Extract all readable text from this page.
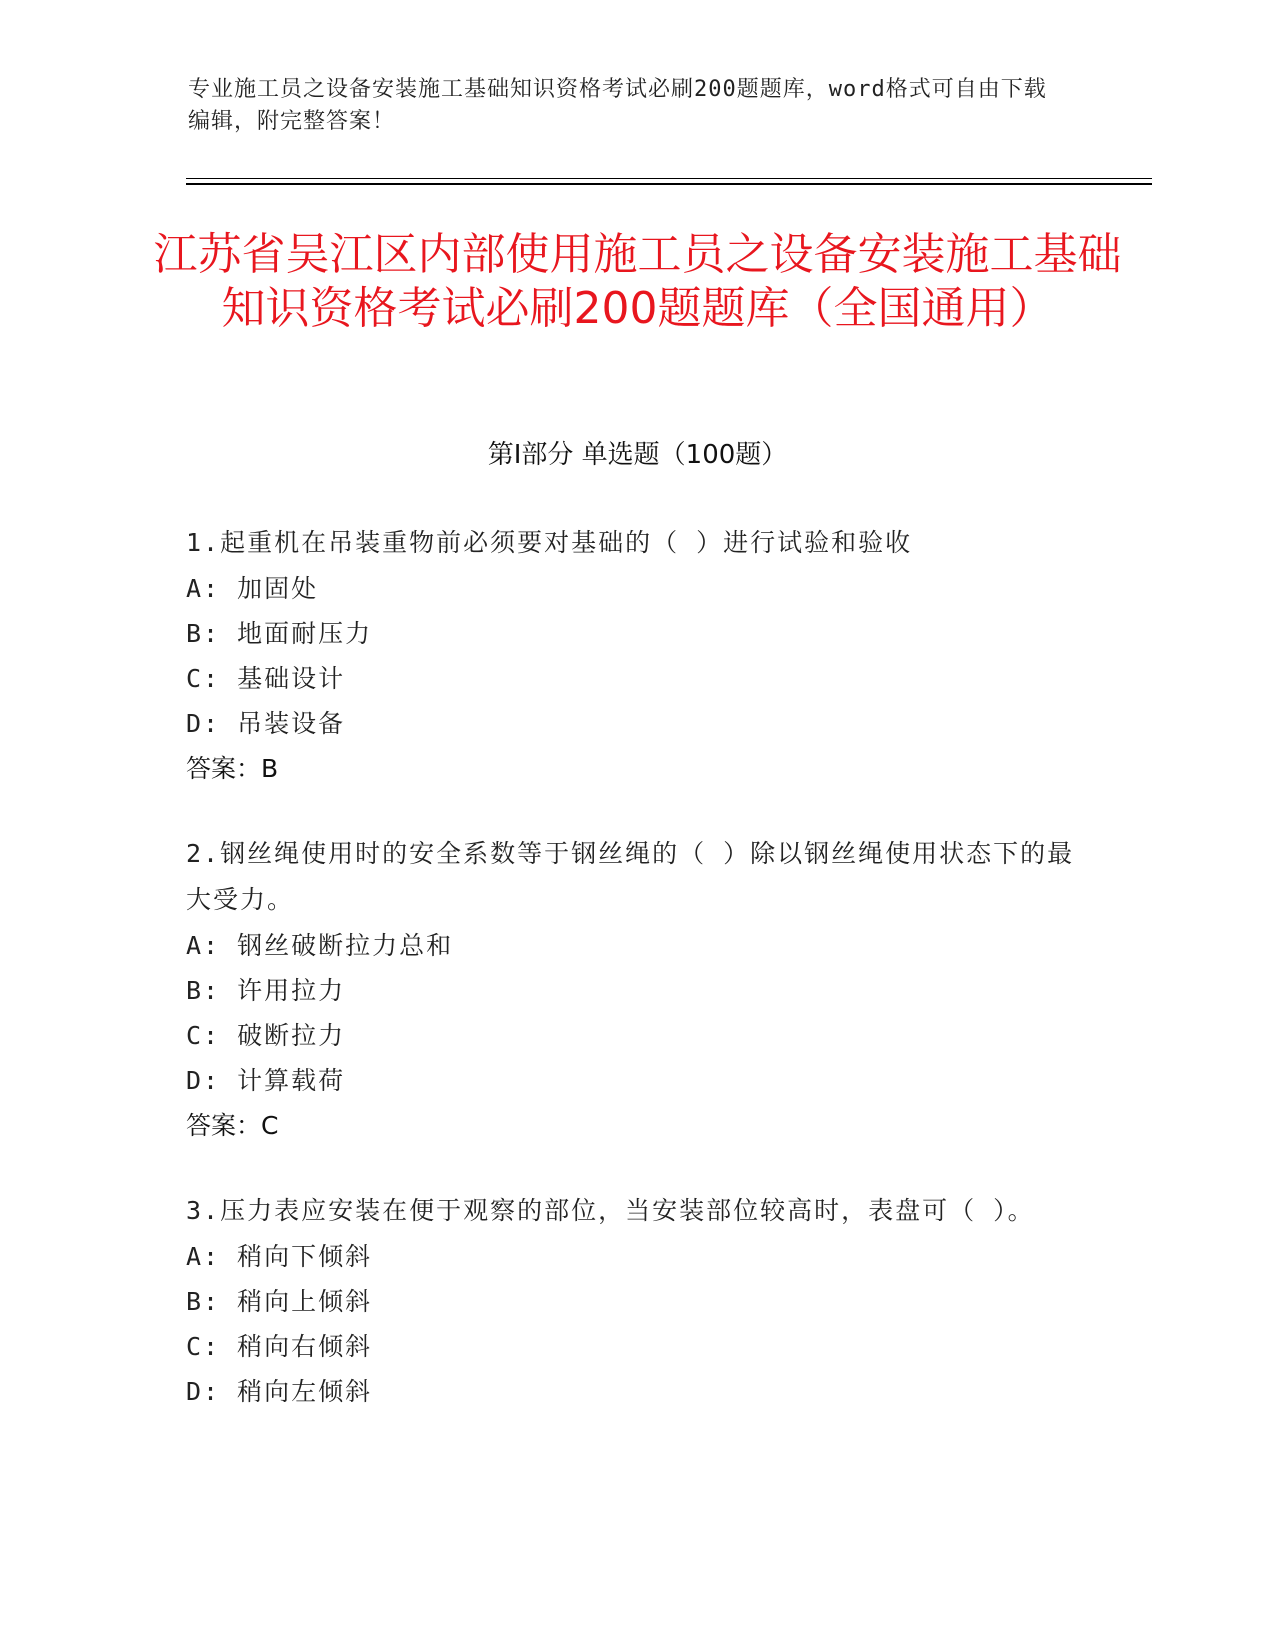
专业施工员之设备安装施工基础知识资格考试必刷200题题库，word格式可自由下载编辑，附完整答案！
江苏省吴江区内部使用施工员之设备安装施工基础知识资格考试必刷200题题库（全国通用）
第I部分 单选题（100题）
1.起重机在吊装重物前必须要对基础的（ ）进行试验和验收
A: 加固处
B: 地面耐压力
C: 基础设计
D: 吊装设备
答案：B
2.钢丝绳使用时的安全系数等于钢丝绳的（ ）除以钢丝绳使用状态下的最大受力。
A: 钢丝破断拉力总和
B: 许用拉力
C: 破断拉力
D: 计算载荷
答案：C
3.压力表应安装在便于观察的部位，当安装部位较高时，表盘可（ ）。
A: 稍向下倾斜
B: 稍向上倾斜
C: 稍向右倾斜
D: 稍向左倾斜
